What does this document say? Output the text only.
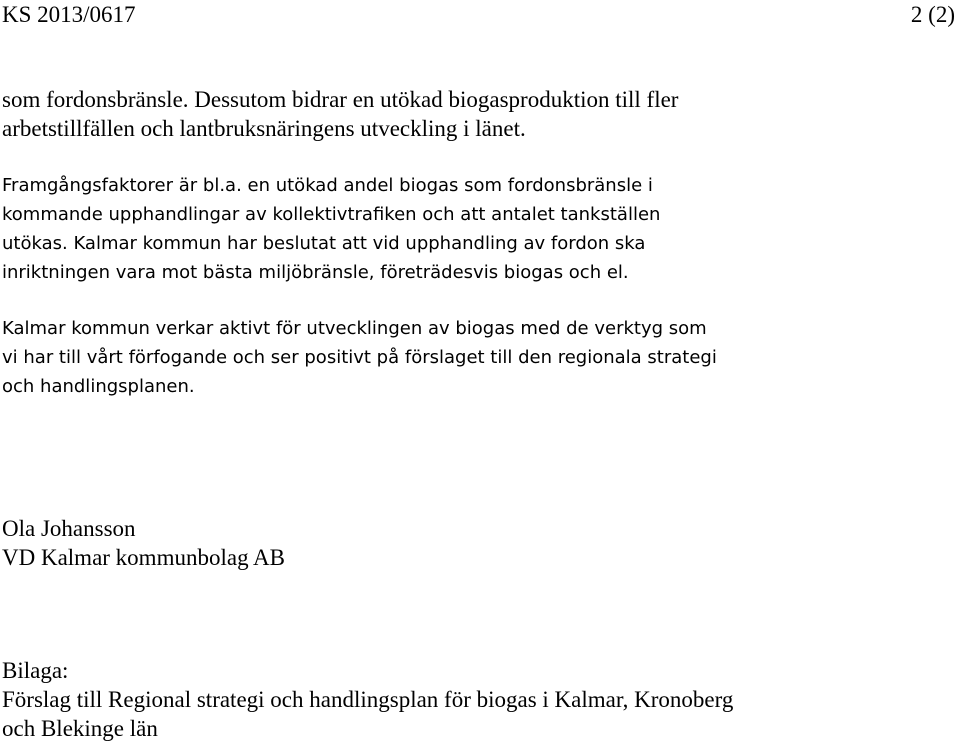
KS 2013/0617	2 (2)
som fordonsbränsle. Dessutom bidrar en utökad biogasproduktion till fler
arbetstillfällen och lantbruksnäringens utveckling i länet.
Framgångsfaktorer är bl.a. en utökad andel biogas som fordonsbränsle i
kommande upphandlingar av kollektivtrafiken och att antalet tankställen
utökas. Kalmar kommun har beslutat att vid upphandling av fordon ska
inriktningen vara mot bästa miljöbränsle, företrädesvis biogas och el.
Kalmar kommun verkar aktivt för utvecklingen av biogas med de verktyg som
vi har till vårt förfogande och ser positivt på förslaget till den regionala strategi
och handlingsplanen.
Ola Johansson
VD Kalmar kommunbolag AB
Bilaga:
Förslag till Regional strategi och handlingsplan för biogas i Kalmar, Kronoberg
och Blekinge län
